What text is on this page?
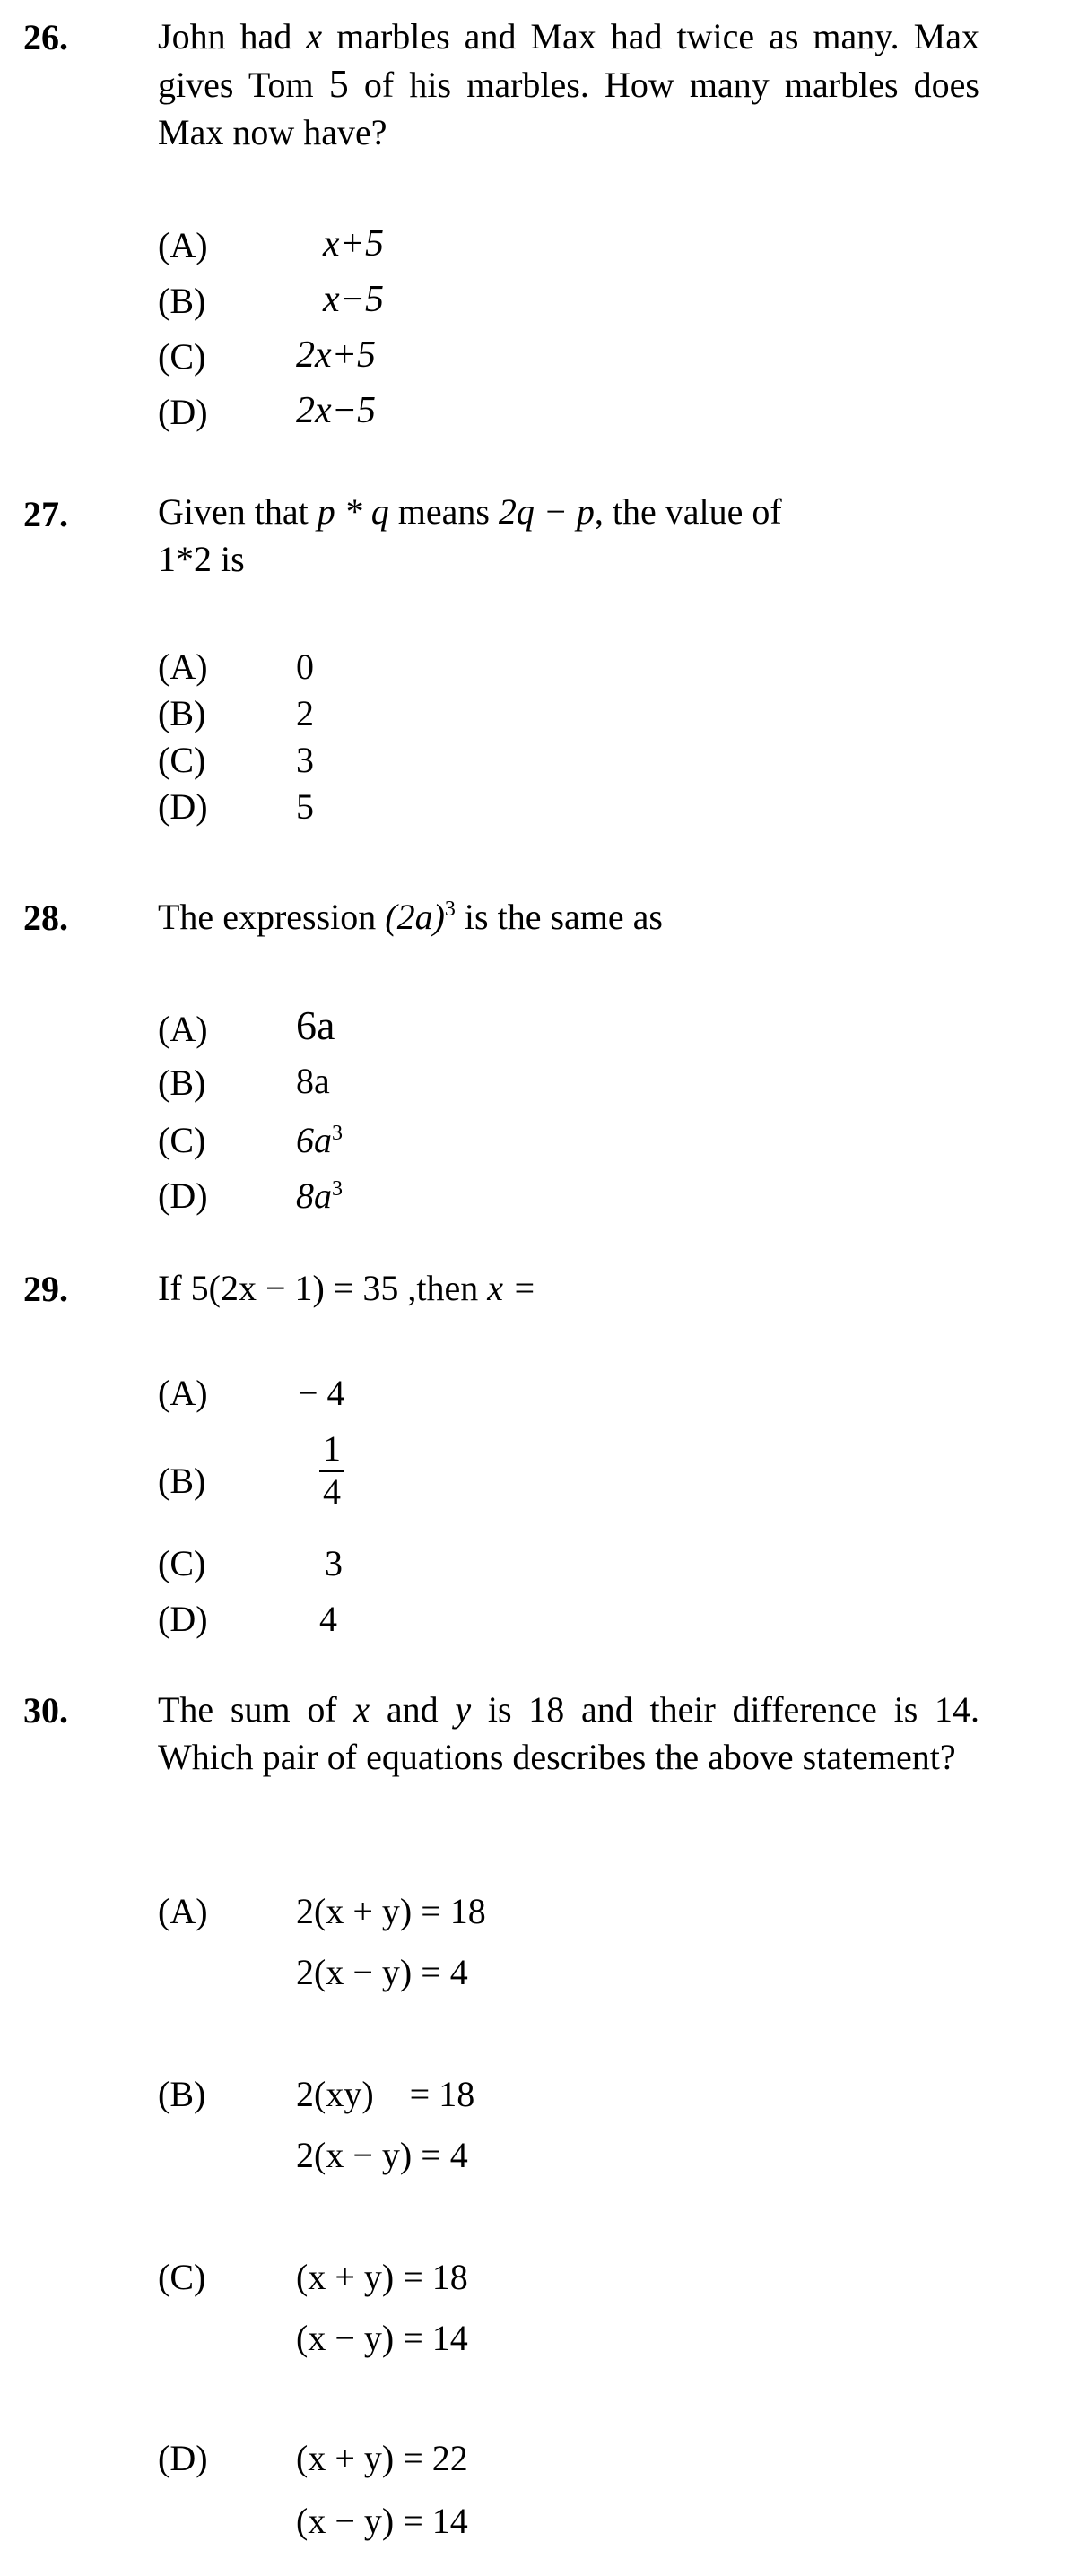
26.	John had x marbles and Max had twice as many. Max gives Tom 5 of his marbles. How many marbles does Max now have?
(A)	x+5
(B)	x−5
(C) 2x+5
(D) 2x−5
27.	Given that p * q means 2q − p, the value of
1*2 is
(A) 0
(B)	2
(C)	3
(D) 5
28.	The expression $(2a)^3$ is the same as
(A) 6a
(B)	8a
(C)	$6a^3$
(D) $8a^3$
29.	If 5(2x − 1) = 35 ,then x =
(A)	− 4
(B)	$\frac{1}{4}$
(C)	3
(D)	4
30.	The sum of x and y is 18 and their difference is 14. Which pair of equations describes the above statement?
(A) 2(x + y) = 18
2(x − y) = 4
(B)	2(xy)    = 18
2(x − y) = 4
(C)	(x + y) = 18
(x − y) = 14
(D) (x + y) = 22
(x − y) = 14
